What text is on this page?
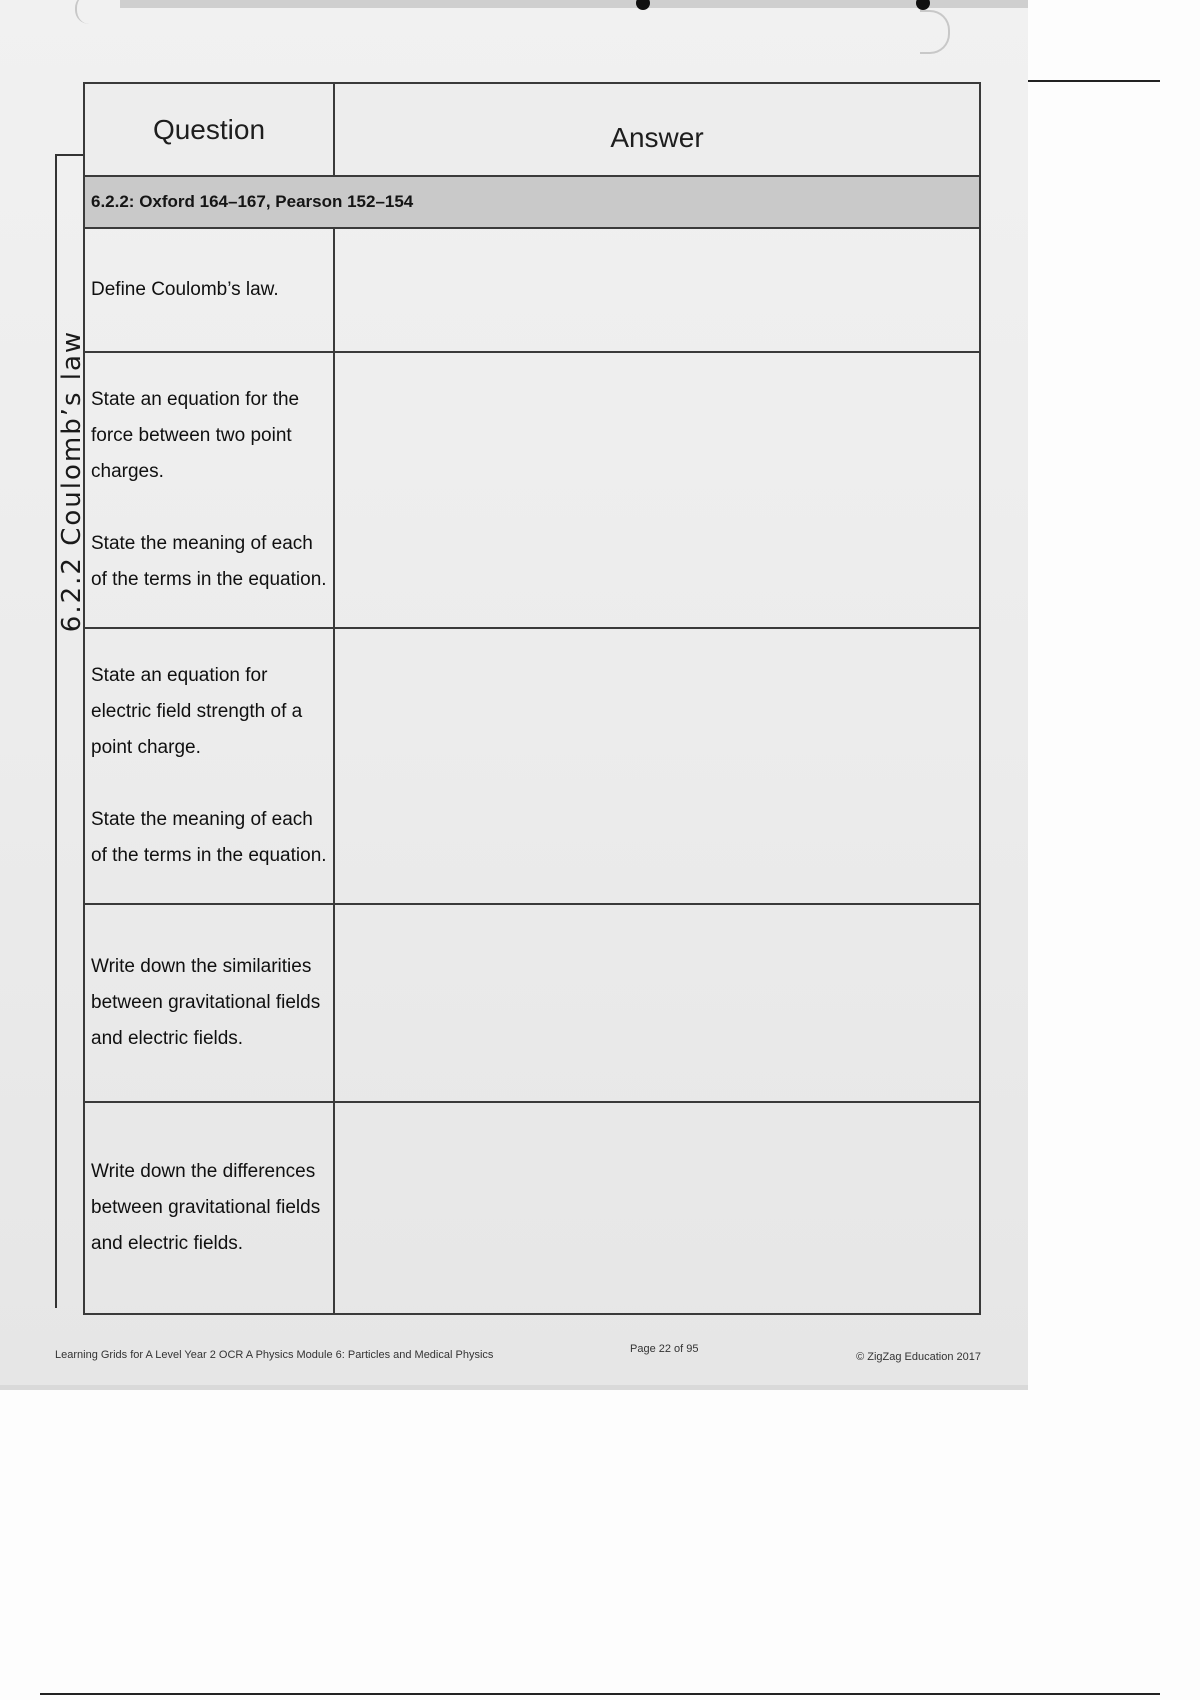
6.2.2 Coulomb’s law
Question	Answer
6.2.2: Oxford 164–167, Pearson 152–154	

Define Coulomb’s law.	

State an equation for the force between two point charges.
State the meaning of each of the terms in the equation.	

State an equation for electric field strength of a point charge.
State the meaning of each of the terms in the equation.	

Write down the similarities between gravitational fields and electric fields.	

Write down the differences between gravitational fields and electric fields.	

Learning Grids for A Level Year 2 OCR A Physics Module 6: Particles and Medical Physics	Page 22 of 95
© ZigZag Education 2017
